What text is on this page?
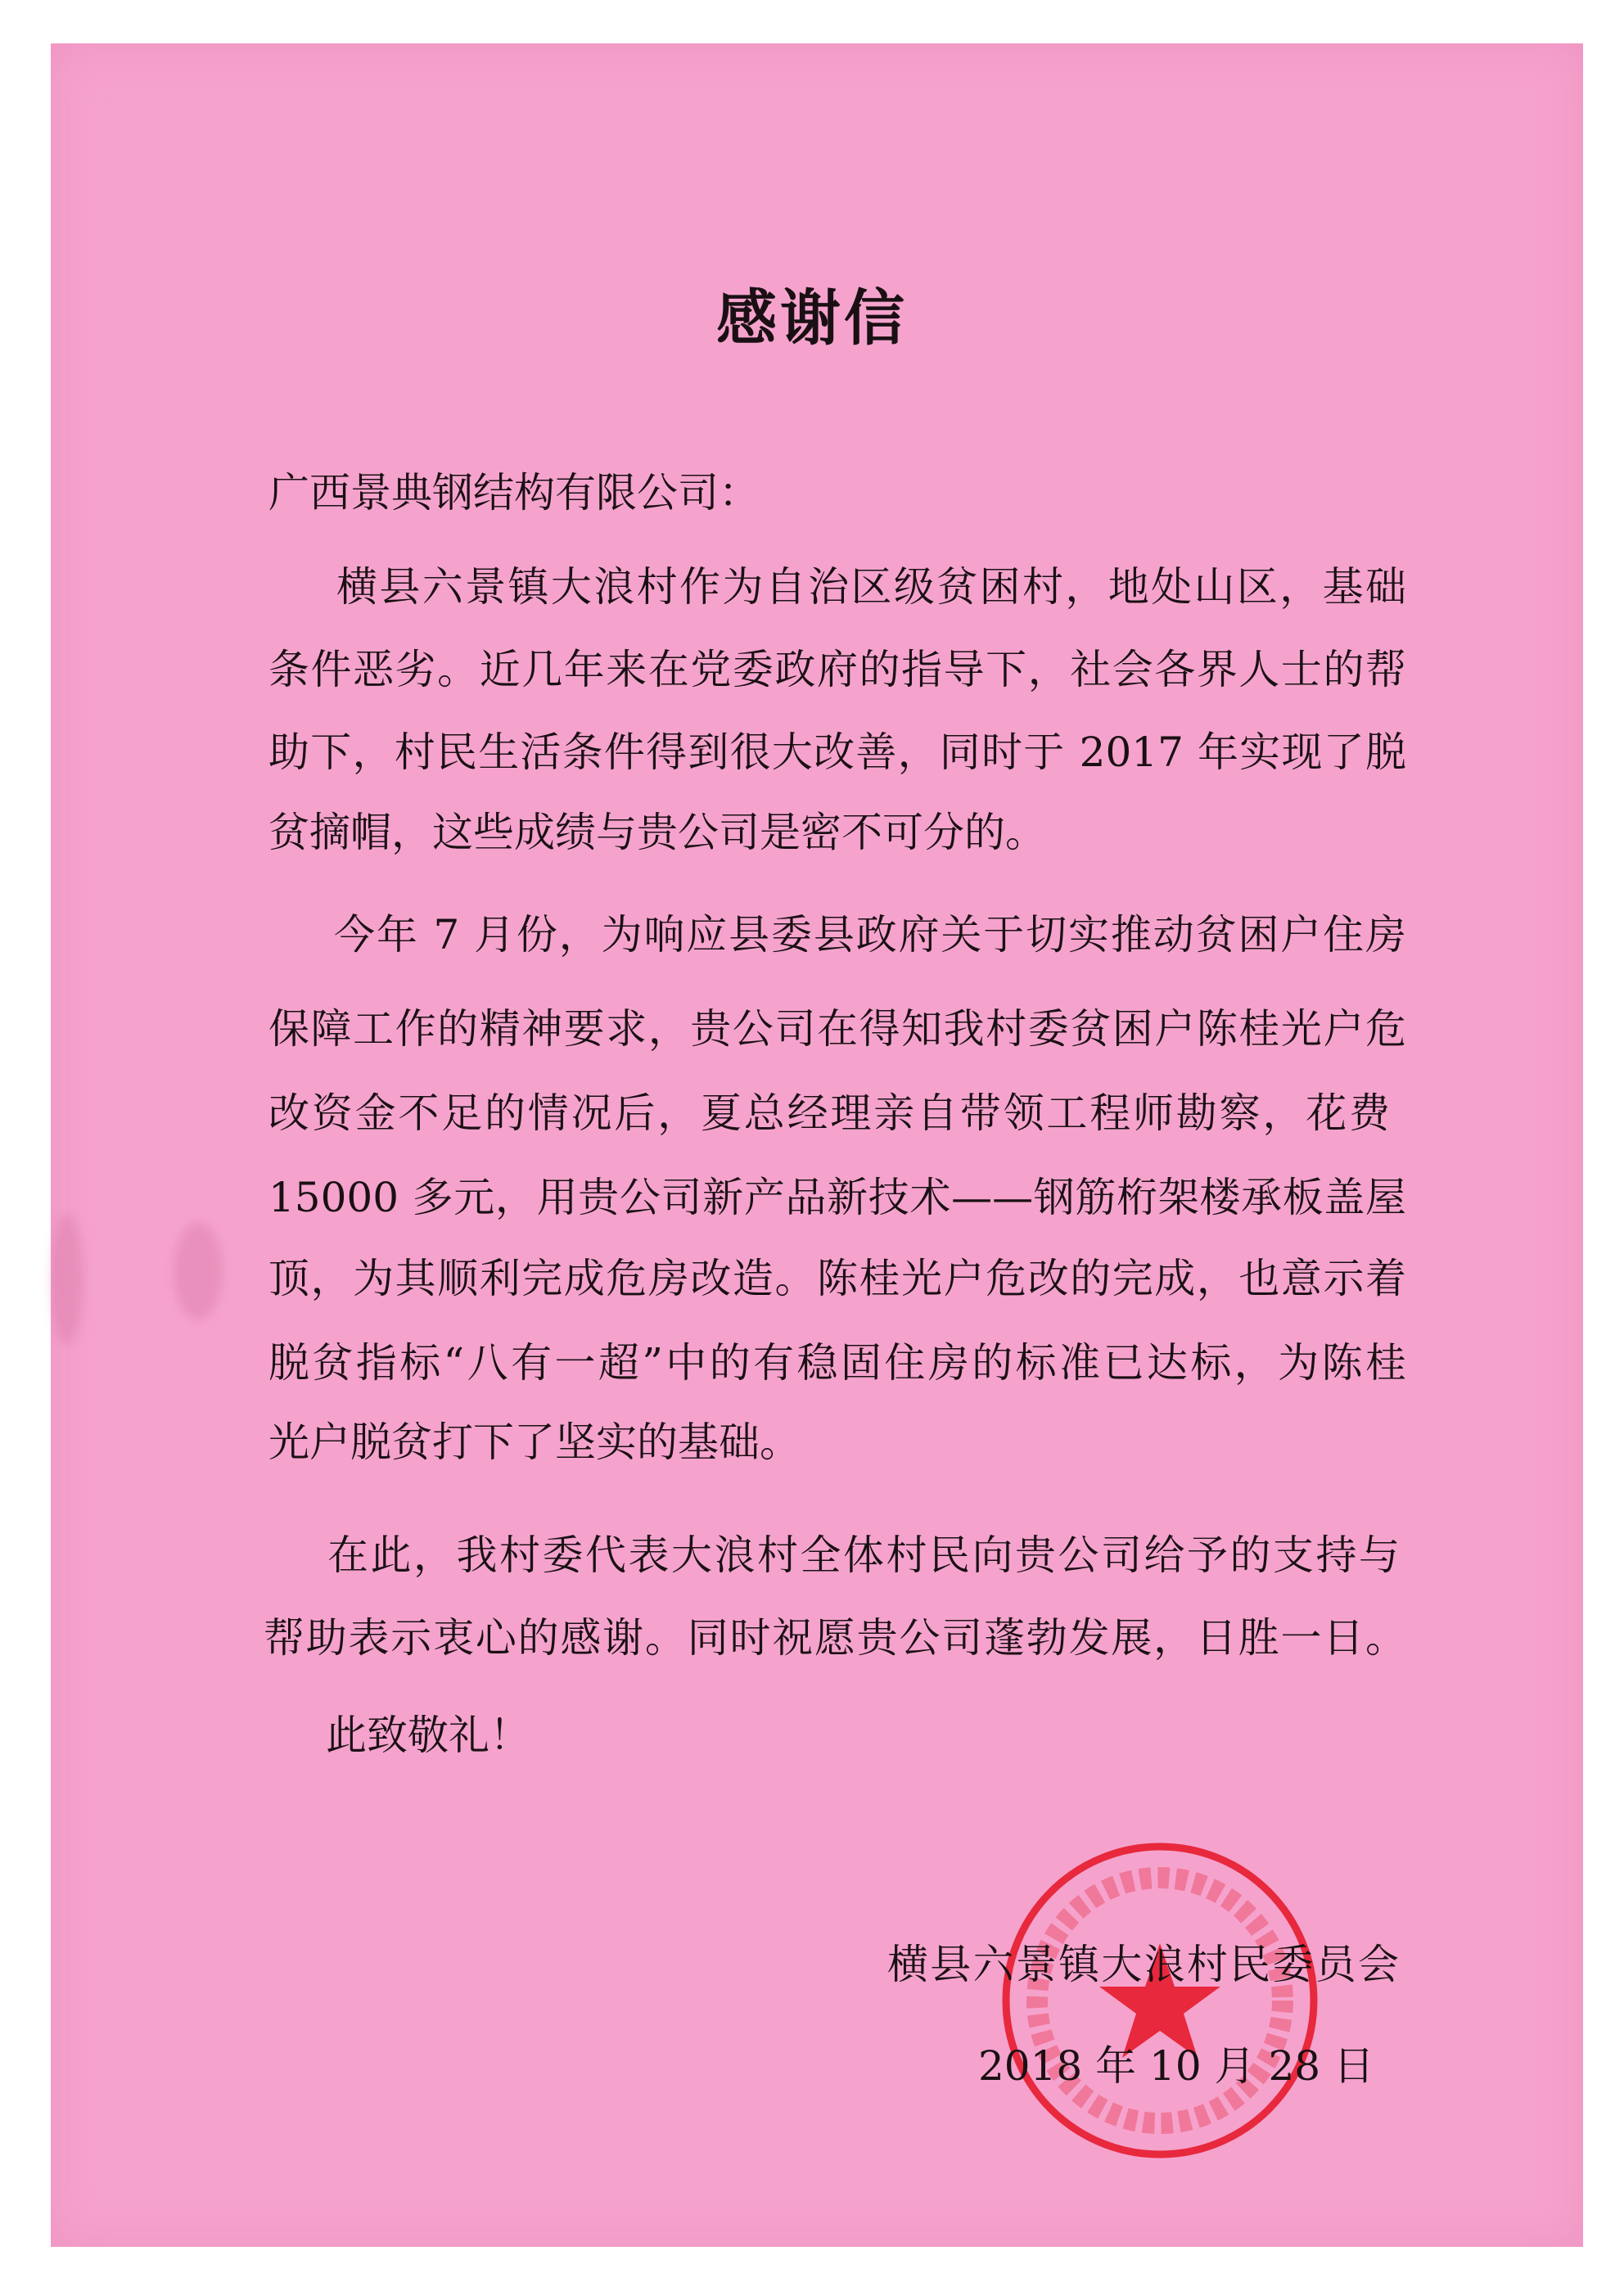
感谢信
广西景典钢结构有限公司：
横县六景镇大浪村作为自治区级贫困村，地处山区，基础
条件恶劣。近几年来在党委政府的指导下，社会各界人士的帮
助下，村民生活条件得到很大改善，同时于 2017 年实现了脱
贫摘帽，这些成绩与贵公司是密不可分的。
今年 7 月份，为响应县委县政府关于切实推动贫困户住房
保障工作的精神要求，贵公司在得知我村委贫困户陈桂光户危
改资金不足的情况后，夏总经理亲自带领工程师勘察，花费
15000 多元，用贵公司新产品新技术——钢筋桁架楼承板盖屋
顶，为其顺利完成危房改造。陈桂光户危改的完成，也意示着
脱贫指标“八有一超”中的有稳固住房的标准已达标，为陈桂
光户脱贫打下了坚实的基础。
在此，我村委代表大浪村全体村民向贵公司给予的支持与
帮助表示衷心的感谢。同时祝愿贵公司蓬勃发展，日胜一日。
此致敬礼！
横县六景镇大浪村民委员会
2018 年 10 月 28 日
